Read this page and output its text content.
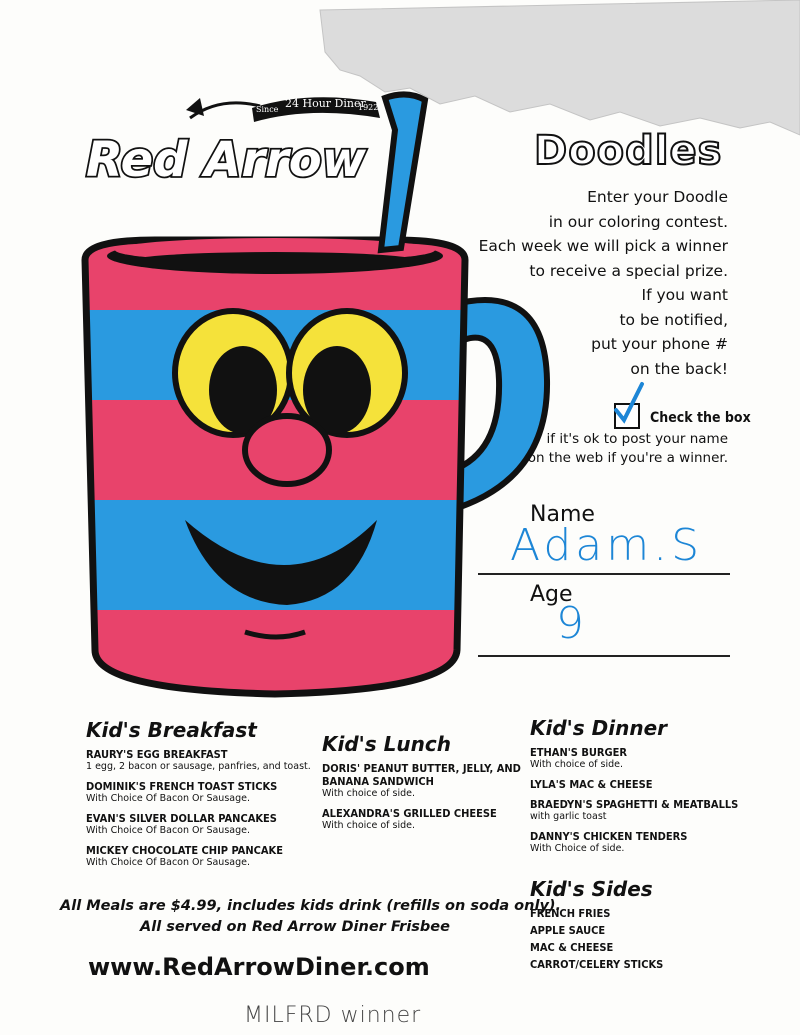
Since 24 Hour Diner
1922
Red Arrow	Doodles
Enter your Doodle
in our coloring contest.
Each week we will pick a winner
to receive a special prize.
If you want
to be notified,
put your phone #
on the back!
Check the box
if it's ok to post your name
on the web if you're a winner.
Name
Adam.S
Age
9
Kid's Breakfast
RAURY'S EGG BREAKFAST
1 egg, 2 bacon or sausage, panfries, and toast.
DOMINIK'S FRENCH TOAST STICKS
With Choice Of Bacon Or Sausage.
EVAN'S SILVER DOLLAR PANCAKES
With Choice Of Bacon Or Sausage.
MICKEY CHOCOLATE CHIP PANCAKE
With Choice Of Bacon Or Sausage.
Kid's Lunch
DORIS' PEANUT BUTTER, JELLY, AND
BANANA SANDWICH
With choice of side.
ALEXANDRA'S GRILLED CHEESE
With choice of side.
Kid's Dinner
ETHAN'S BURGER
With choice of side.
LYLA'S MAC & CHEESE
BRAEDYN'S SPAGHETTI & MEATBALLS
with garlic toast
DANNY'S CHICKEN TENDERS
With Choice of side.
Kid's Sides
FRENCH FRIES
APPLE SAUCE
MAC & CHEESE
CARROT/CELERY STICKS
All Meals are $4.99, includes kids drink (refills on soda only).
All served on Red Arrow Diner Frisbee
www.RedArrowDiner.com
MILFRD winner
